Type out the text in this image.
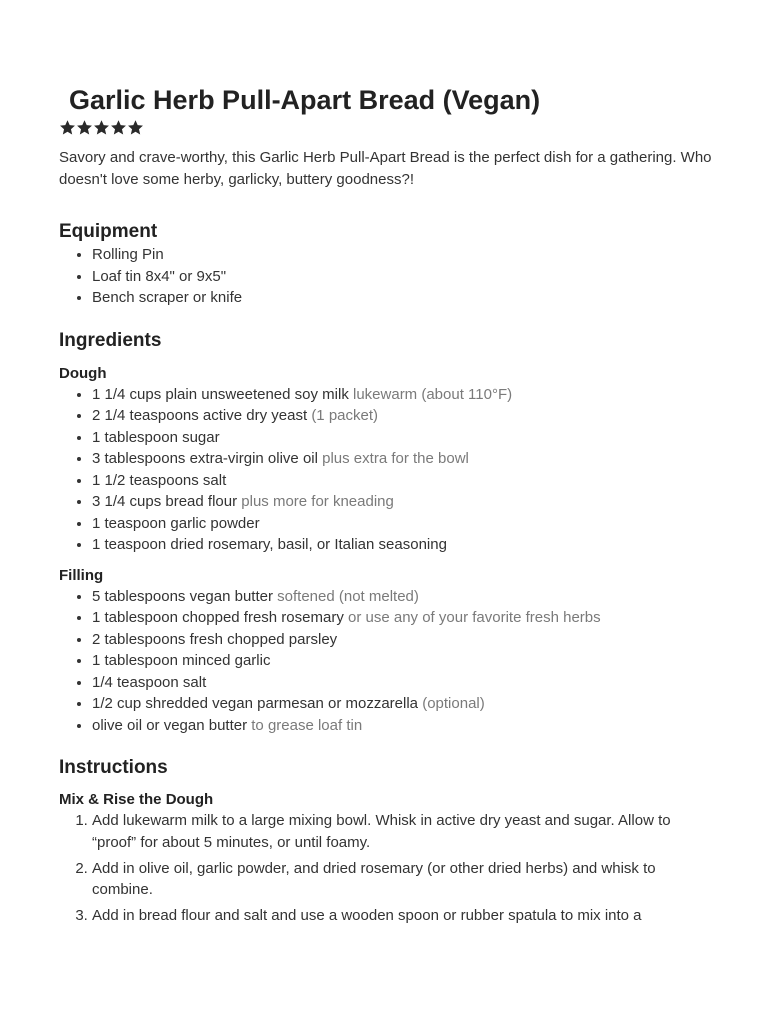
Garlic Herb Pull-Apart Bread (Vegan)

Savory and crave-worthy, this Garlic Herb Pull-Apart Bread is the perfect dish for a gathering. Who doesn't love some herby, garlicky, buttery goodness?!

Equipment
• Rolling Pin
• Loaf tin 8x4" or 9x5"
• Bench scraper or knife
Ingredients
Dough
• 1 1/4 cups plain unsweetened soy milk lukewarm (about 110°F)
• 2 1/4 teaspoons active dry yeast (1 packet)
• 1 tablespoon sugar
• 3 tablespoons extra-virgin olive oil plus extra for the bowl
• 1 1/2 teaspoons salt
• 3 1/4 cups bread flour plus more for kneading
• 1 teaspoon garlic powder
• 1 teaspoon dried rosemary, basil, or Italian seasoning
Filling
• 5 tablespoons vegan butter softened (not melted)
• 1 tablespoon chopped fresh rosemary or use any of your favorite fresh herbs
• 2 tablespoons fresh chopped parsley
• 1 tablespoon minced garlic
• 1/4 teaspoon salt
• 1/2 cup shredded vegan parmesan or mozzarella (optional)
• olive oil or vegan butter to grease loaf tin
Instructions
Mix & Rise the Dough
1. Add lukewarm milk to a large mixing bowl. Whisk in active dry yeast and sugar. Allow to “proof” for about 5 minutes, or until foamy.
2. Add in olive oil, garlic powder, and dried rosemary (or other dried herbs) and whisk to combine.
3. Add in bread flour and salt and use a wooden spoon or rubber spatula to mix into a
